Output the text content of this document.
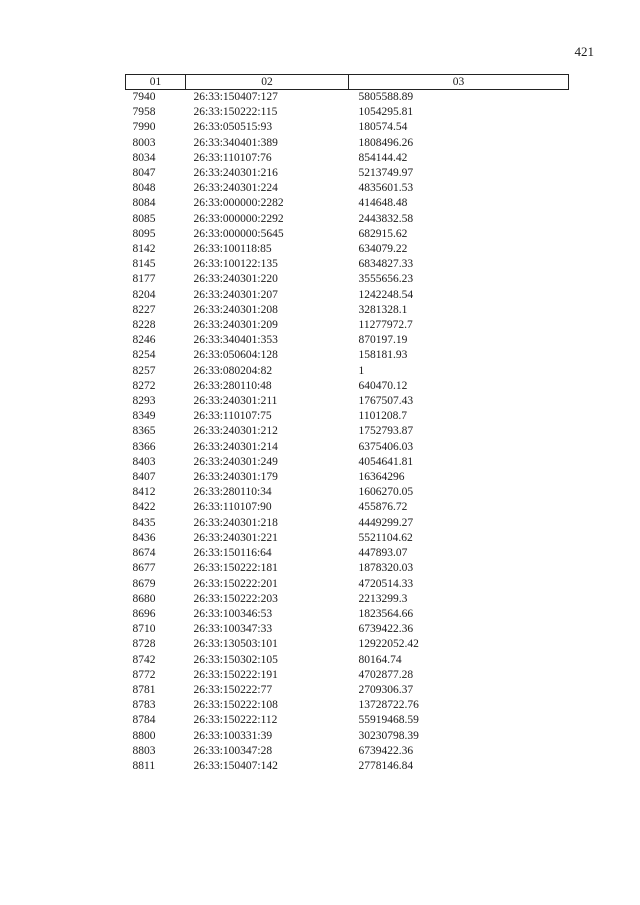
421
01	02	03
7940	26:33:150407:127	5805588.89
7958	26:33:150222:115	1054295.81
7990	26:33:050515:93	180574.54
8003	26:33:340401:389	1808496.26
8034	26:33:110107:76	854144.42
8047	26:33:240301:216	5213749.97
8048	26:33:240301:224	4835601.53
8084	26:33:000000:2282	414648.48
8085	26:33:000000:2292	2443832.58
8095	26:33:000000:5645	682915.62
8142	26:33:100118:85	634079.22
8145	26:33:100122:135	6834827.33
8177	26:33:240301:220	3555656.23
8204	26:33:240301:207	1242248.54
8227	26:33:240301:208	3281328.1
8228	26:33:240301:209	11277972.7
8246	26:33:340401:353	870197.19
8254	26:33:050604:128	158181.93
8257	26:33:080204:82	1
8272	26:33:280110:48	640470.12
8293	26:33:240301:211	1767507.43
8349	26:33:110107:75	1101208.7
8365	26:33:240301:212	1752793.87
8366	26:33:240301:214	6375406.03
8403	26:33:240301:249	4054641.81
8407	26:33:240301:179	16364296
8412	26:33:280110:34	1606270.05
8422	26:33:110107:90	455876.72
8435	26:33:240301:218	4449299.27
8436	26:33:240301:221	5521104.62
8674	26:33:150116:64	447893.07
8677	26:33:150222:181	1878320.03
8679	26:33:150222:201	4720514.33
8680	26:33:150222:203	2213299.3
8696	26:33:100346:53	1823564.66
8710	26:33:100347:33	6739422.36
8728	26:33:130503:101	12922052.42
8742	26:33:150302:105	80164.74
8772	26:33:150222:191	4702877.28
8781	26:33:150222:77	2709306.37
8783	26:33:150222:108	13728722.76
8784	26:33:150222:112	55919468.59
8800	26:33:100331:39	30230798.39
8803	26:33:100347:28	6739422.36
8811	26:33:150407:142	2778146.84
